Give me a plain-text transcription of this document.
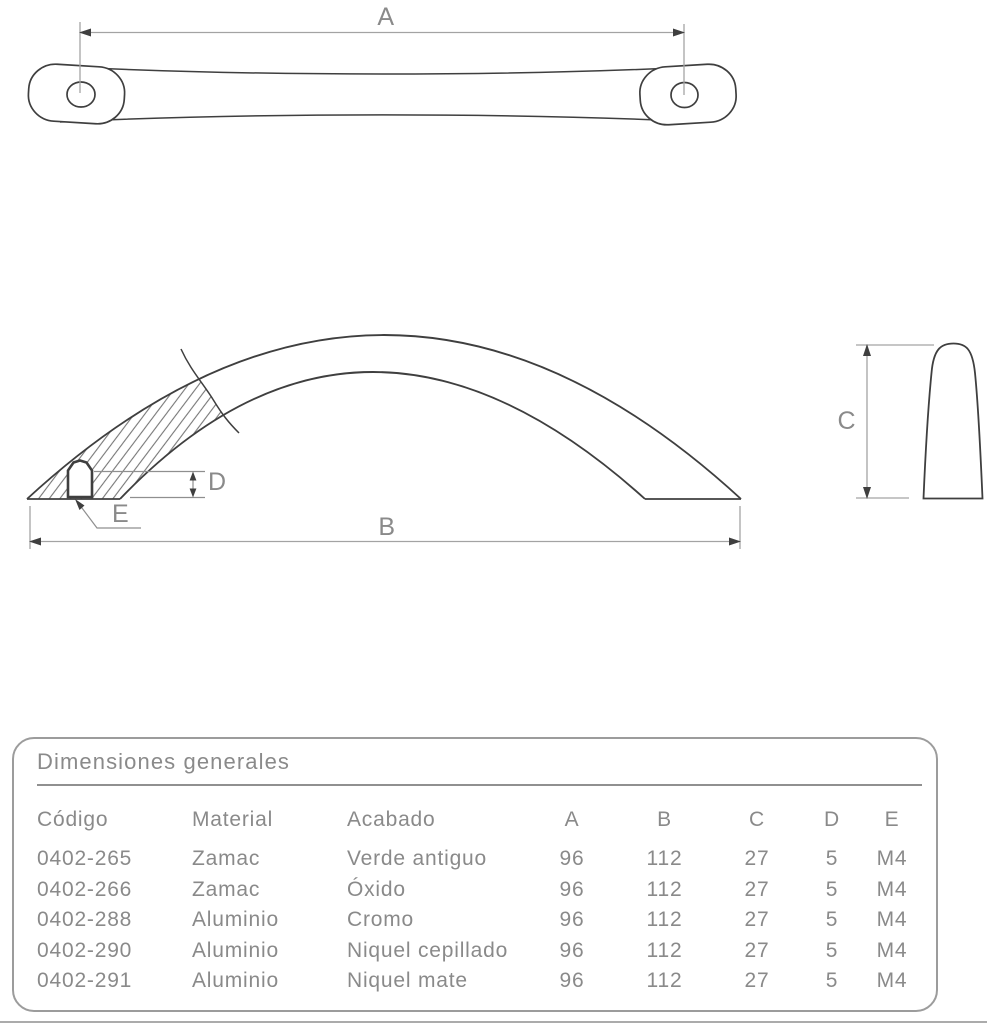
A
D
E	B
C
Dimensiones generales
Código	Material	Acabado	A	B	C	D	E
0402-265	Zamac	Verde antiguo	96	112	27	5	M4
0402-266	Zamac	Óxido	96	112	27	5	M4
0402-288	Aluminio	Cromo	96	112	27	5	M4
0402-290	Aluminio	Niquel cepillado	96	112	27	5	M4
0402-291	Aluminio	Niquel mate	96	112	27	5	M4
